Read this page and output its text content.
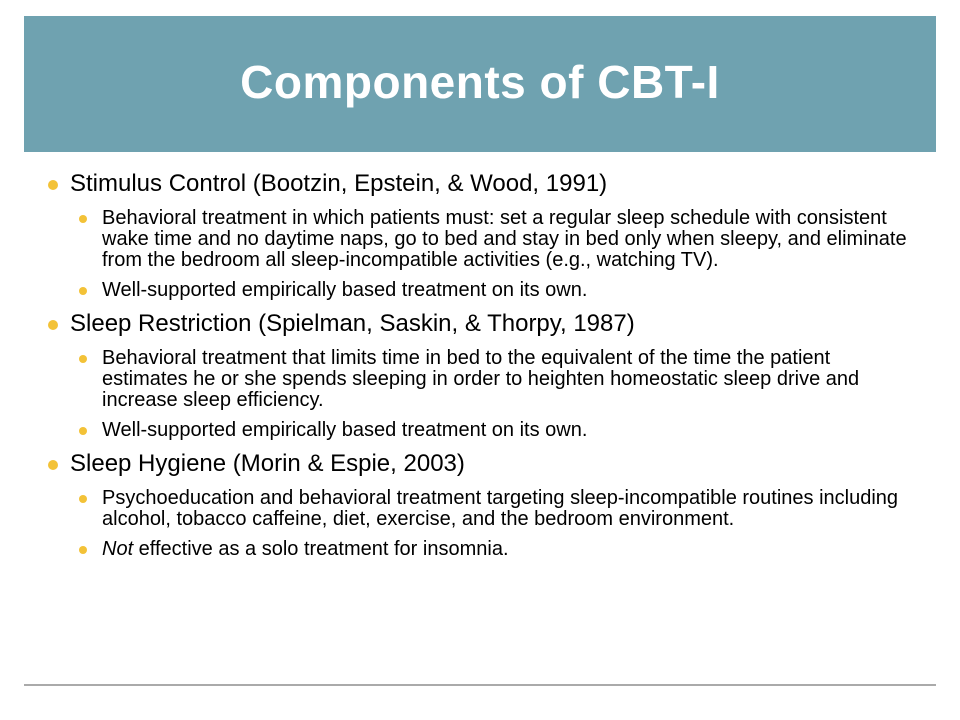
Components of CBT-I
Stimulus Control (Bootzin, Epstein, & Wood, 1991)
Behavioral treatment in which patients must: set a regular sleep schedule with consistent wake time and no daytime naps, go to bed and stay in bed only when sleepy, and eliminate from the bedroom all sleep-incompatible activities (e.g., watching TV).
Well-supported empirically based treatment on its own.
Sleep Restriction (Spielman, Saskin, & Thorpy, 1987)
Behavioral treatment that limits time in bed to the equivalent of the time the patient estimates he or she spends sleeping in order to heighten homeostatic sleep drive and increase sleep efficiency.
Well-supported empirically based treatment on its own.
Sleep Hygiene (Morin & Espie, 2003)
Psychoeducation and behavioral treatment targeting sleep-incompatible routines including alcohol, tobacco caffeine, diet, exercise, and the bedroom environment.
Not effective as a solo treatment for insomnia.
